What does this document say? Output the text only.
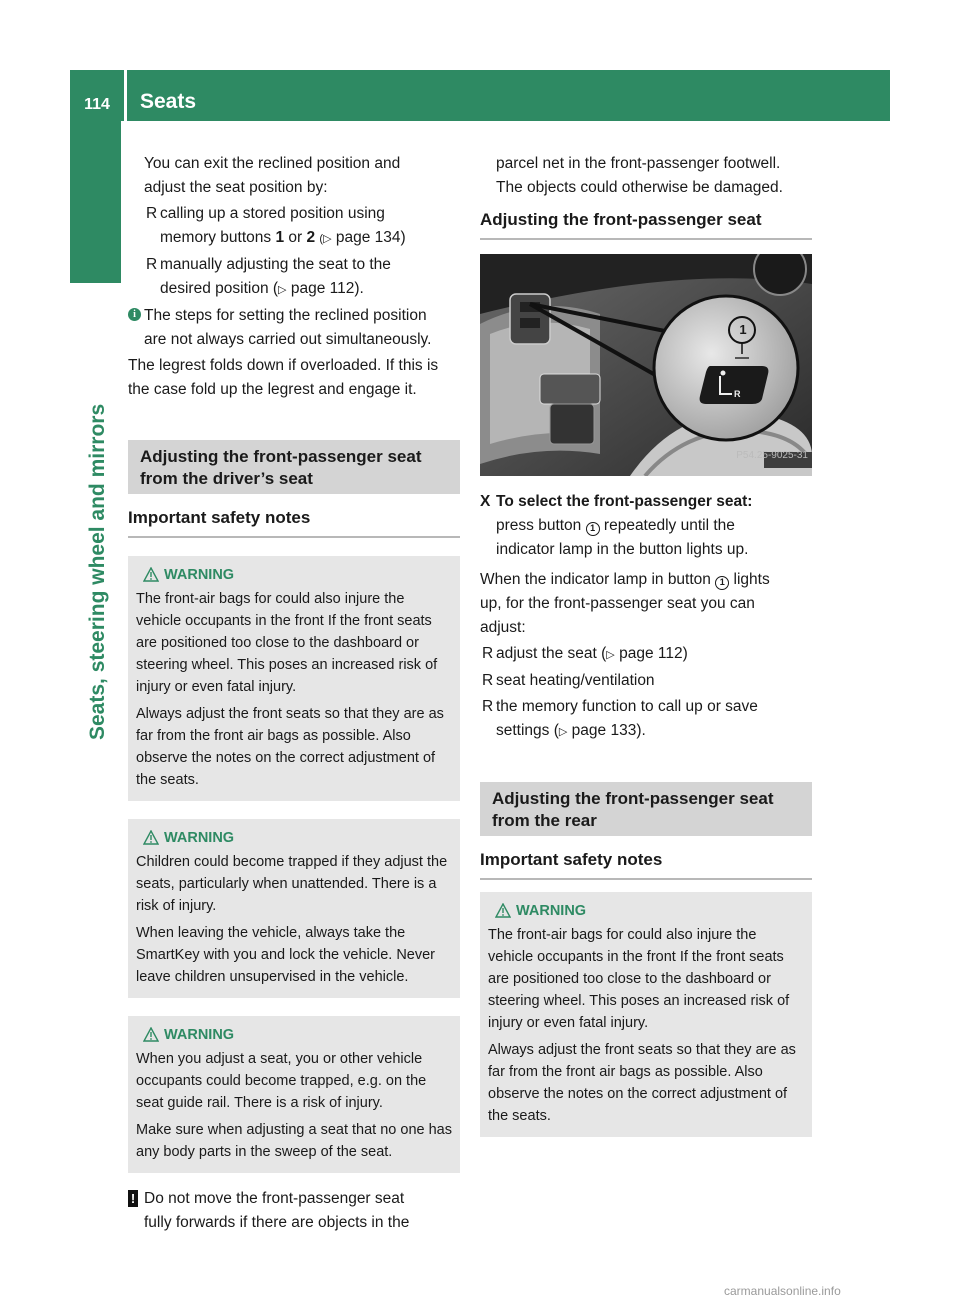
114	Seats
Seats, steering wheel and mirrors
You can exit the reclined position and
adjust the seat position by:
R calling up a stored position using
memory buttons 1 or 2 (▷ page 134)
R manually adjusting the seat to the
desired position (▷ page 112).
i The steps for setting the reclined position
are not always carried out simultaneously.
The legrest folds down if overloaded. If this is
the case fold up the legrest and engage it.
Adjusting the front-passenger seat
from the driver’s seat
Important safety notes
WARNING
The front-air bags for could also injure the vehicle occupants in the front If the front seats are positioned too close to the dashboard or steering wheel. This poses an increased risk of injury or even fatal injury.
Always adjust the front seats so that they are as far from the front air bags as possible. Also observe the notes on the correct adjustment of the seats.
WARNING
Children could become trapped if they adjust the seats, particularly when unattended. There is a risk of injury.
When leaving the vehicle, always take the SmartKey with you and lock the vehicle. Never leave children unsupervised in the vehicle.
WARNING
When you adjust a seat, you or other vehicle occupants could become trapped, e.g. on the seat guide rail. There is a risk of injury.
Make sure when adjusting a seat that no one has any body parts in the sweep of the seat.
! Do not move the front-passenger seat
fully forwards if there are objects in the
parcel net in the front-passenger footwell.
The objects could otherwise be damaged.
Adjusting the front-passenger seat
1
R
P54.25-9025-31
X To select the front-passenger seat:
press button 1 repeatedly until the
indicator lamp in the button lights up.
When the indicator lamp in button 1 lights
up, for the front-passenger seat you can
adjust:
R adjust the seat (▷ page 112)
R seat heating/ventilation
R the memory function to call up or save
settings (▷ page 133).
Adjusting the front-passenger seat
from the rear
Important safety notes
WARNING
The front-air bags for could also injure the vehicle occupants in the front If the front seats are positioned too close to the dashboard or steering wheel. This poses an increased risk of injury or even fatal injury.
Always adjust the front seats so that they are as far from the front air bags as possible. Also observe the notes on the correct adjustment of the seats.
carmanualsonline.info
